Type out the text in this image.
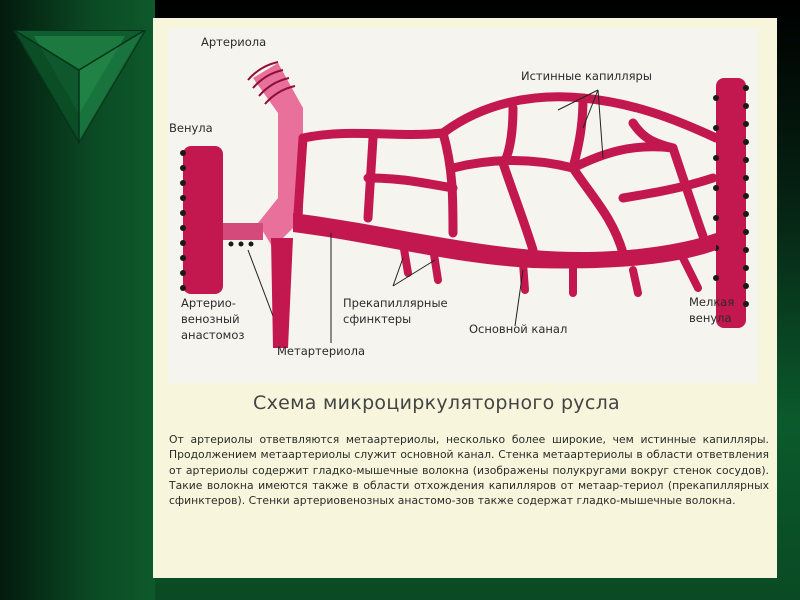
Артериола
Венула
Истинные капилляры
Артерио-
венозный
анастомоз
Прекапиллярные
сфинктеры
Метартериола
Основной канал
Мелкая
венула
Схема микроциркуляторного русла
От артериолы ответвляются метаартериолы, несколько более широкие, чем истинные капилляры. Продолжением метаартериолы служит основной канал. Стенка метаартериолы в области ответвления от артериолы содержит гладко-мышечные волокна (изображены полукругами вокруг стенок сосудов). Такие волокна имеются также в области отхождения капилляров от метаар-териол (прекапиллярных сфинктеров). Стенки артериовенозных анастомо-зов также содержат гладко-мышечные волокна.
